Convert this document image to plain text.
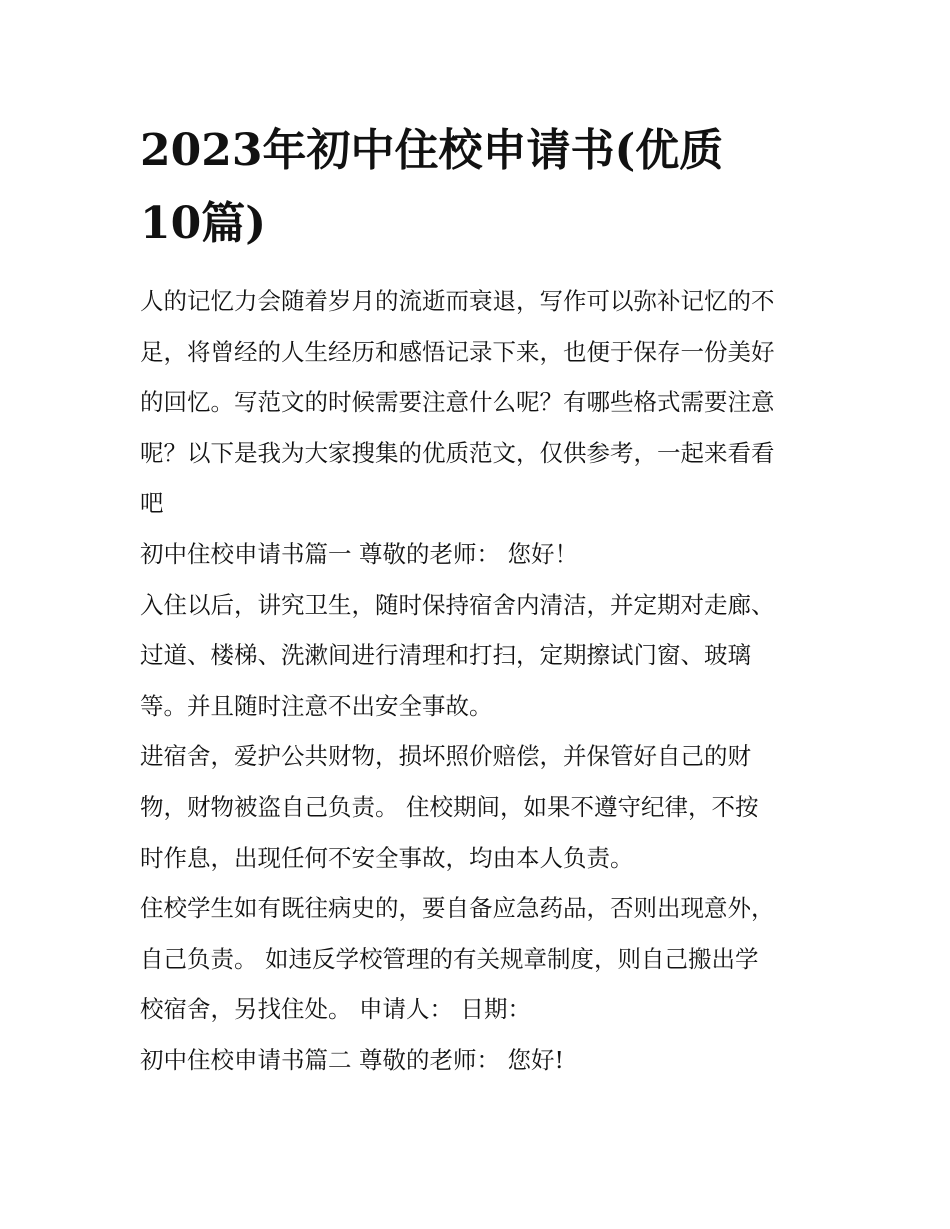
2023年初中住校申请书(优质
10篇)

人的记忆力会随着岁月的流逝而衰退，写作可以弥补记忆的不
足，将曾经的人生经历和感悟记录下来，也便于保存一份美好
的回忆。写范文的时候需要注意什么呢？有哪些格式需要注意
呢？以下是我为大家搜集的优质范文，仅供参考，一起来看看
吧

初中住校申请书篇一 尊敬的老师： 您好！

入住以后，讲究卫生，随时保持宿舍内清洁，并定期对走廊、
过道、楼梯、洗漱间进行清理和打扫，定期擦试门窗、玻璃
等。并且随时注意不出安全事故。

进宿舍，爱护公共财物，损坏照价赔偿，并保管好自己的财
物，财物被盗自己负责。 住校期间，如果不遵守纪律，不按
时作息，出现任何不安全事故，均由本人负责。

住校学生如有既往病史的，要自备应急药品，否则出现意外，
自己负责。 如违反学校管理的有关规章制度，则自己搬出学
校宿舍，另找住处。 申请人： 日期：

初中住校申请书篇二 尊敬的老师： 您好!
